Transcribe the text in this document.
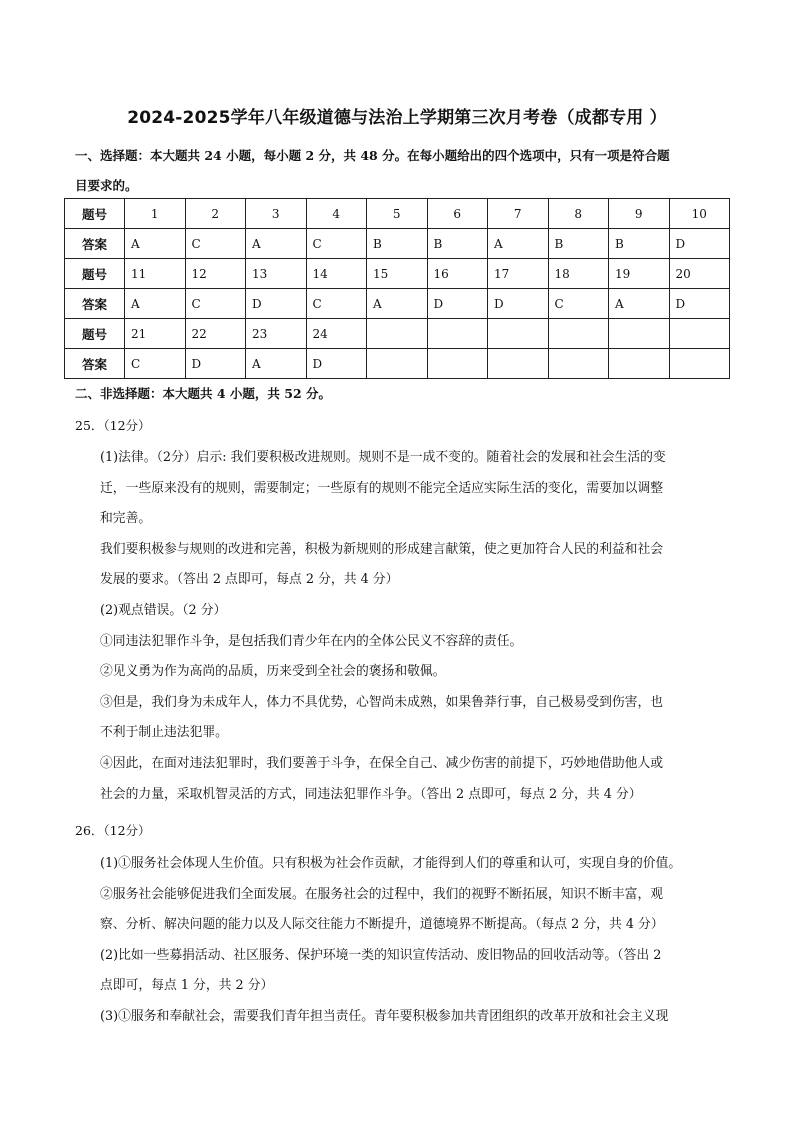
2024-2025学年八年级道德与法治上学期第三次月考卷（成都专用 ）
一、选择题：本大题共 24 小题，每小题 2 分，共 48 分。在每小题给出的四个选项中，只有一项是符合题
目要求的。
题号	1	2	3	4	5	6	7	8	9	10
答案	A	C	A	C	B	B	A	B	B	D
题号	11	12	13	14	15	16	17	18	19	20
答案	A	C	D	C	A	D	D	C	A	D
题号	21	22	23	24						
答案	C	D	A	D						
二、非选择题：本大题共 4 小题，共 52 分。
25．（12分）
(1)法律。（2分）启示: 我们要积极改进规则。规则不是一成不变的。随着社会的发展和社会生活的变
迁，一些原来没有的规则，需要制定；一些原有的规则不能完全适应实际生活的变化，需要加以调整
和完善。
我们要积极参与规则的改进和完善，积极为新规则的形成建言献策，使之更加符合人民的利益和社会
发展的要求。（答出 2 点即可，每点 2 分，共 4 分）
(2)观点错误。（2 分）
①同违法犯罪作斗争，是包括我们青少年在内的全体公民义不容辞的责任。
②见义勇为作为高尚的品质，历来受到全社会的褒扬和敬佩。
③但是，我们身为未成年人，体力不具优势，心智尚未成熟，如果鲁莽行事，自己极易受到伤害，也
不利于制止违法犯罪。
④因此，在面对违法犯罪时，我们要善于斗争，在保全自己、减少伤害的前提下，巧妙地借助他人或
社会的力量，采取机智灵活的方式，同违法犯罪作斗争。（答出 2 点即可，每点 2 分，共 4 分）
26．（12分）
(1)①服务社会体现人生价值。只有积极为社会作贡献，才能得到人们的尊重和认可，实现自身的价值。
②服务社会能够促进我们全面发展。在服务社会的过程中，我们的视野不断拓展，知识不断丰富，观
察、分析、解决问题的能力以及人际交往能力不断提升，道德境界不断提高。（每点 2 分，共 4 分）
(2)比如一些募捐活动、社区服务、保护环境一类的知识宣传活动、废旧物品的回收活动等。（答出 2
点即可，每点 1 分，共 2 分）
(3)①服务和奉献社会，需要我们青年担当责任。青年要积极参加共青团组织的改革开放和社会主义现
